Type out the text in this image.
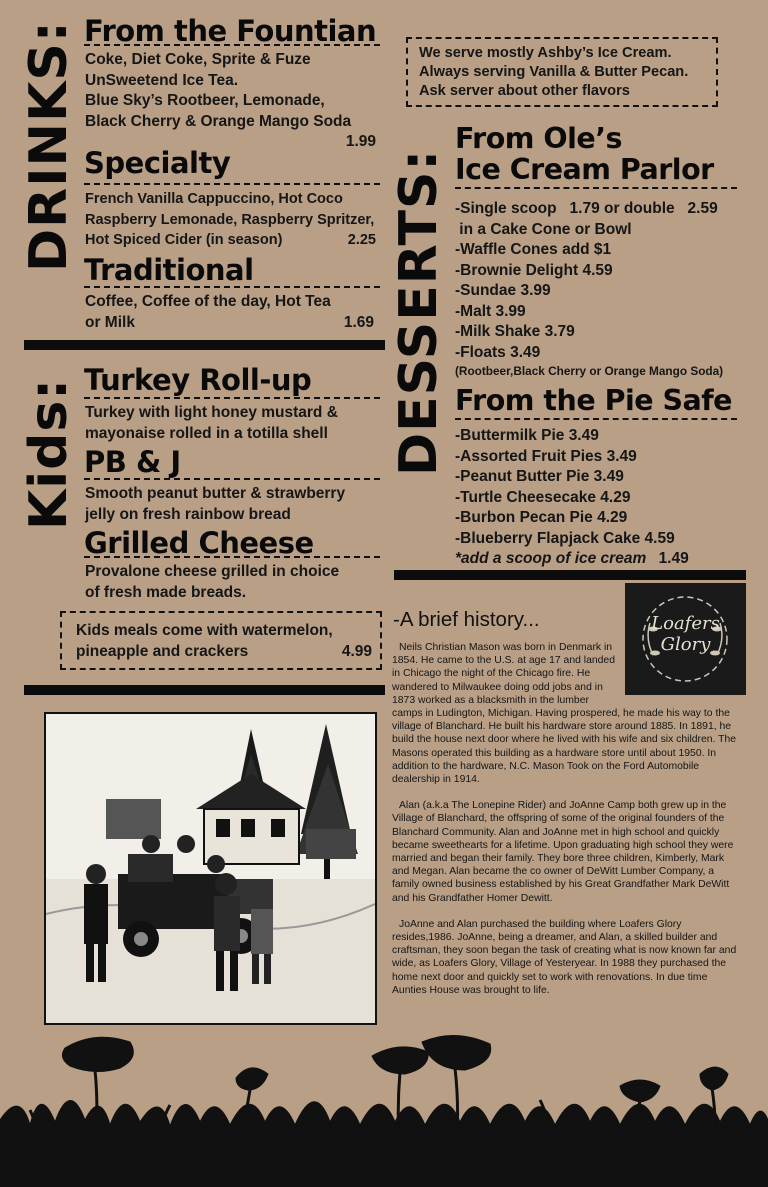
DRINKS: From the Fountian
Coke, Diet Coke, Sprite & Fuze
UnSweetend Ice Tea.
Blue Sky’s Rootbeer, Lemonade,
Black Cherry & Orange Mango Soda
1.99
Specialty
French Vanilla Cappuccino, Hot Coco
Raspberry Lemonade, Raspberry Spritzer,
Hot Spiced Cider (in season)	2.25
Traditional
Coffee, Coffee of the day, Hot Tea
or Milk	1.69
Kids: Turkey Roll-up
Turkey with light honey mustard &
mayonaise rolled in a totilla shell
PB & J
Smooth peanut butter & strawberry
jelly on fresh rainbow bread
Grilled Cheese
Provalone cheese grilled in choice
of fresh made breads.
Kids meals come with watermelon,
pineapple and crackers	4.99
We serve mostly Ashby’s Ice Cream.
Always serving Vanilla & Butter Pecan.
Ask server about other flavors
DESSERTS:
From Ole’s
Ice Cream Parlor
-Single scoop   1.79 or double   2.59
in a Cake Cone or Bowl
-Waffle Cones add $1
-Brownie Delight 4.59
-Sundae 3.99
-Malt 3.99
-Milk Shake 3.79
-Floats 3.49
(Rootbeer,Black Cherry or Orange Mango Soda)
From the Pie Safe
-Buttermilk Pie 3.49
-Assorted Fruit Pies 3.49
-Peanut Butter Pie 3.49
-Turtle Cheesecake 4.29
-Burbon Pecan Pie 4.29
-Blueberry Flapjack Cake 4.59
*add a scoop of ice cream 1.49
Loafers
Glory
-A brief history...

Neils Christian Mason was born in Denmark in 1854. He came to the U.S. at age 17 and landed in Chicago the night of the Chicago fire. He wandered to Milwaukee doing odd jobs and in 1873 worked as a blacksmith in the lumber camps in Ludington, Michigan. Having prospered, he made his way to the village of Blanchard. He built his hardware store around 1885. In 1891, he build the house next door where he lived with his wife and six children. The Masons operated this building as a hardware store until about 1950. In addition to the hardware, N.C. Mason Took on the Ford Automobile dealership in 1914.

Alan (a.k.a The Lonepine Rider) and JoAnne Camp both grew up in the Village of Blanchard, the offspring of some of the original founders of the Blanchard Community. Alan and JoAnne met in high school and quickly became sweethearts for a lifetime. Upon graduating high school they were married and began their family. They bore three children, Kimberly, Mark and Megan. Alan became the co owner of DeWitt Lumber Company, a family owned business established by his Great Grandfather Mark DeWitt and his Grandfather Homer Dewitt.

JoAnne and Alan purchased the building where Loafers Glory resides,1986. JoAnne, being a dreamer, and Alan, a skilled builder and craftsman, they soon began the task of creating what is now known far and wide, as Loafers Glory, Village of Yesteryear. In 1988 they purchased the home next door and quickly set to work with renovations. In due time Aunties House was brought to life.
